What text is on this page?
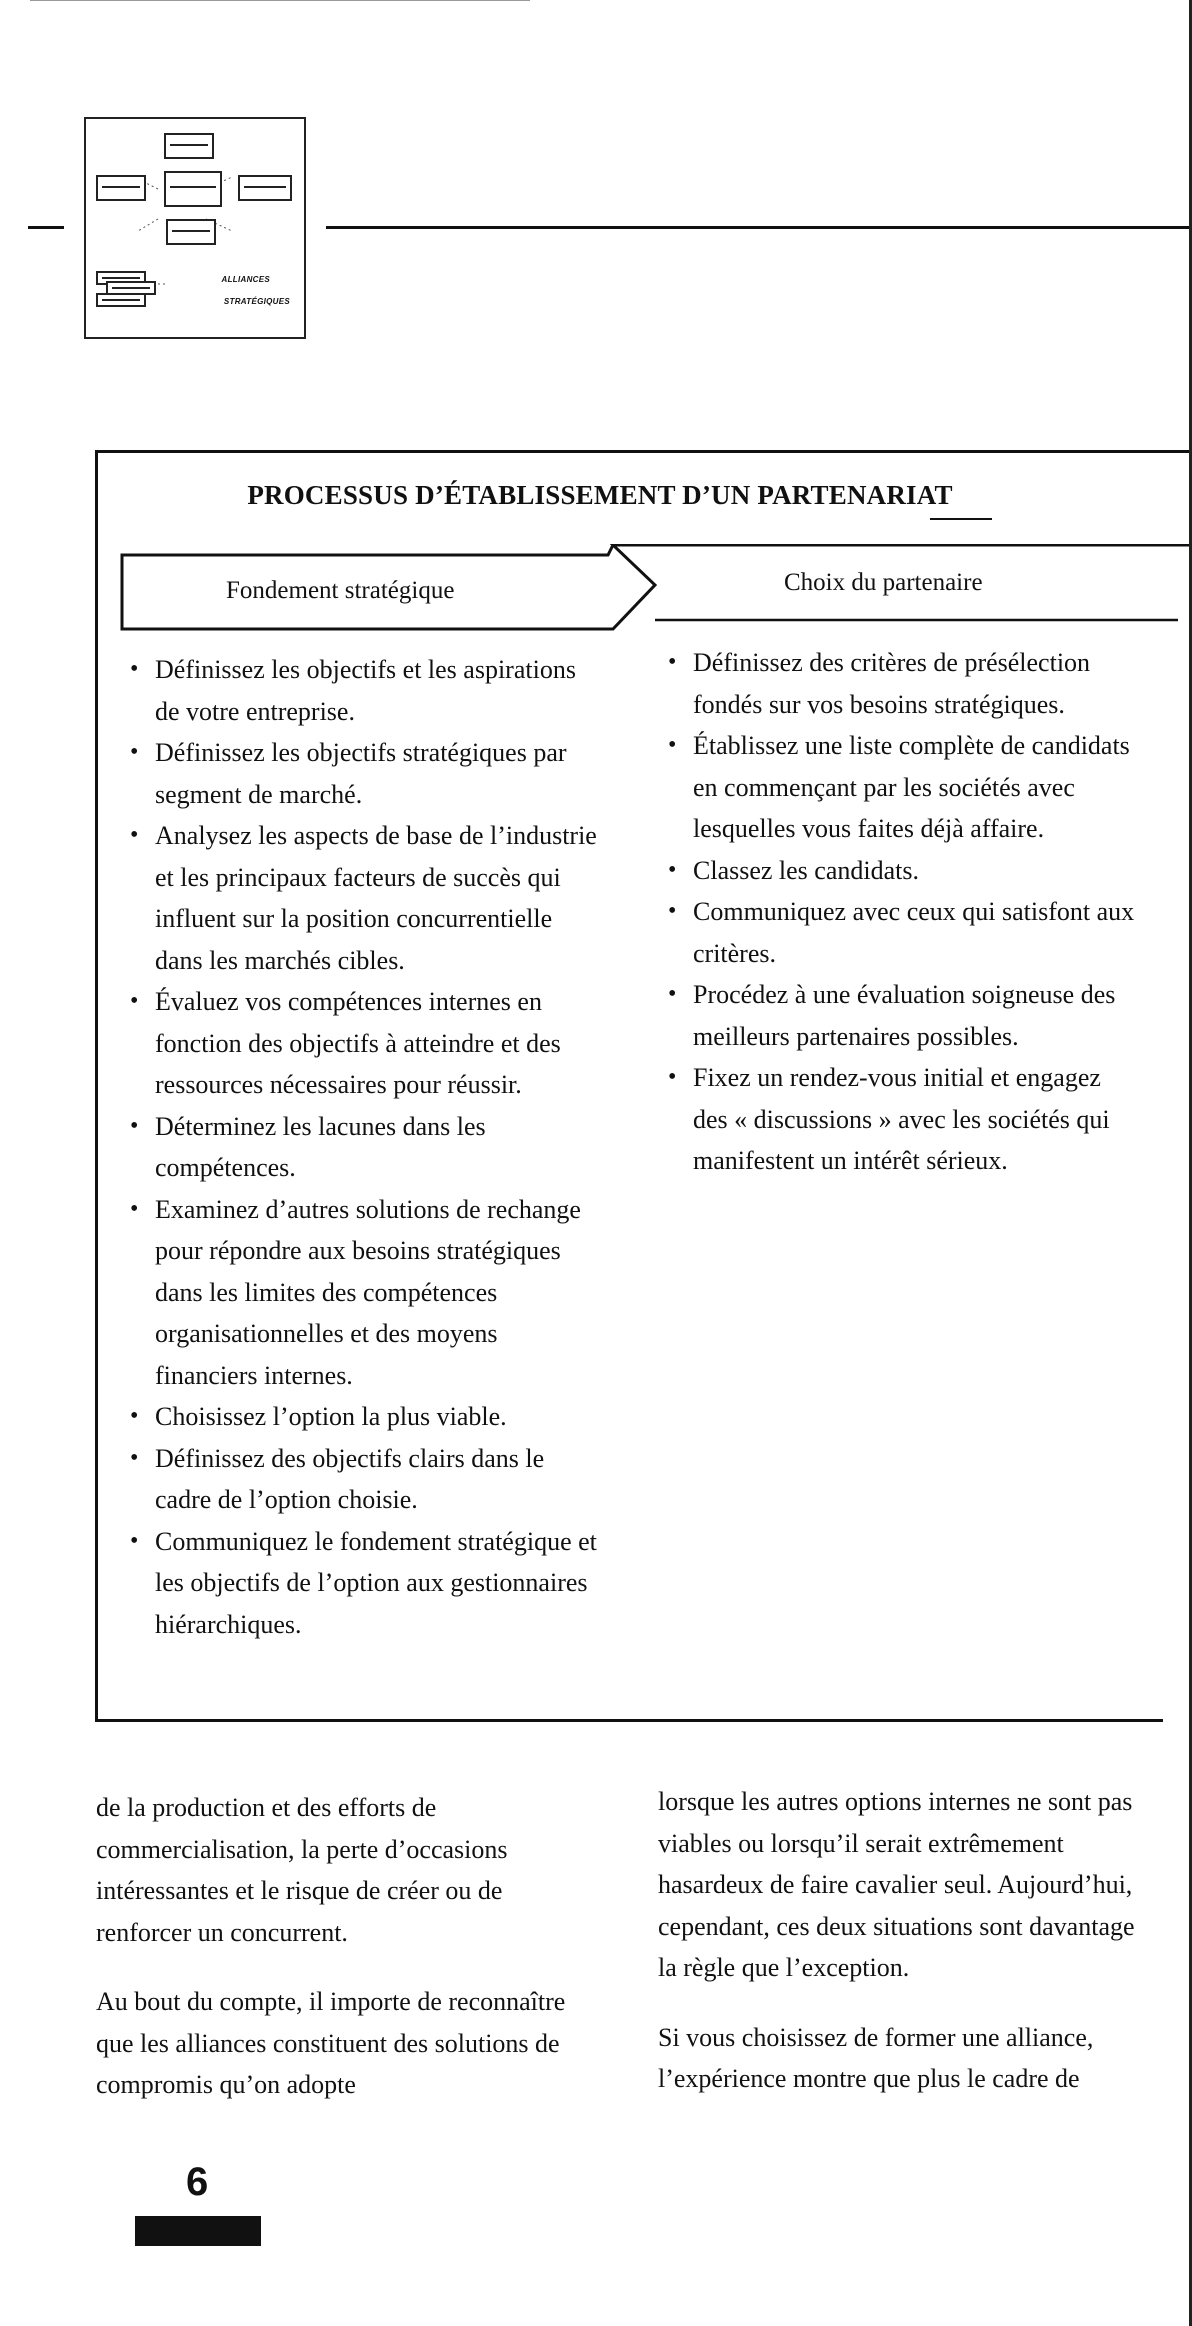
ALLIANCES
STRATÉGIQUES
PROCESSUS D’ÉTABLISSEMENT D’UN PARTENARIAT
Fondement stratégique	Choix du partenaire
• Définissez les objectifs et les aspirations de votre entreprise.
• Définissez les objectifs stratégiques par segment de marché.
• Analysez les aspects de base de l’industrie et les principaux facteurs de succès qui influent sur la position concurrentielle dans les marchés cibles.
• Évaluez vos compétences internes en fonction des objectifs à atteindre et des ressources nécessaires pour réussir.
• Déterminez les lacunes dans les compétences.
• Examinez d’autres solutions de rechange pour répondre aux besoins stratégiques dans les limites des compétences organisationnelles et des moyens financiers internes.
• Choisissez l’option la plus viable.
• Définissez des objectifs clairs dans le cadre de l’option choisie.
• Communiquez le fondement stratégique et les objectifs de l’option aux gestionnaires hiérarchiques.
• Définissez des critères de présélection fondés sur vos besoins stratégiques.
• Établissez une liste complète de candidats en commençant par les sociétés avec lesquelles vous faites déjà affaire.
• Classez les candidats.
• Communiquez avec ceux qui satisfont aux critères.
• Procédez à une évaluation soigneuse des meilleurs partenaires possibles.
• Fixez un rendez-vous initial et engagez des « discussions » avec les sociétés qui manifestent un intérêt sérieux.

de la production et des efforts de commercialisation, la perte d’occasions intéressantes et le risque de créer ou de renforcer un concurrent.

Au bout du compte, il importe de reconnaître que les alliances constituent des solutions de compromis qu’on adopte

lorsque les autres options internes ne sont pas viables ou lorsqu’il serait extrêmement hasardeux de faire cavalier seul. Aujourd’hui, cependant, ces deux situations sont davantage la règle que l’exception.

Si vous choisissez de former une alliance, l’expérience montre que plus le cadre de

6
